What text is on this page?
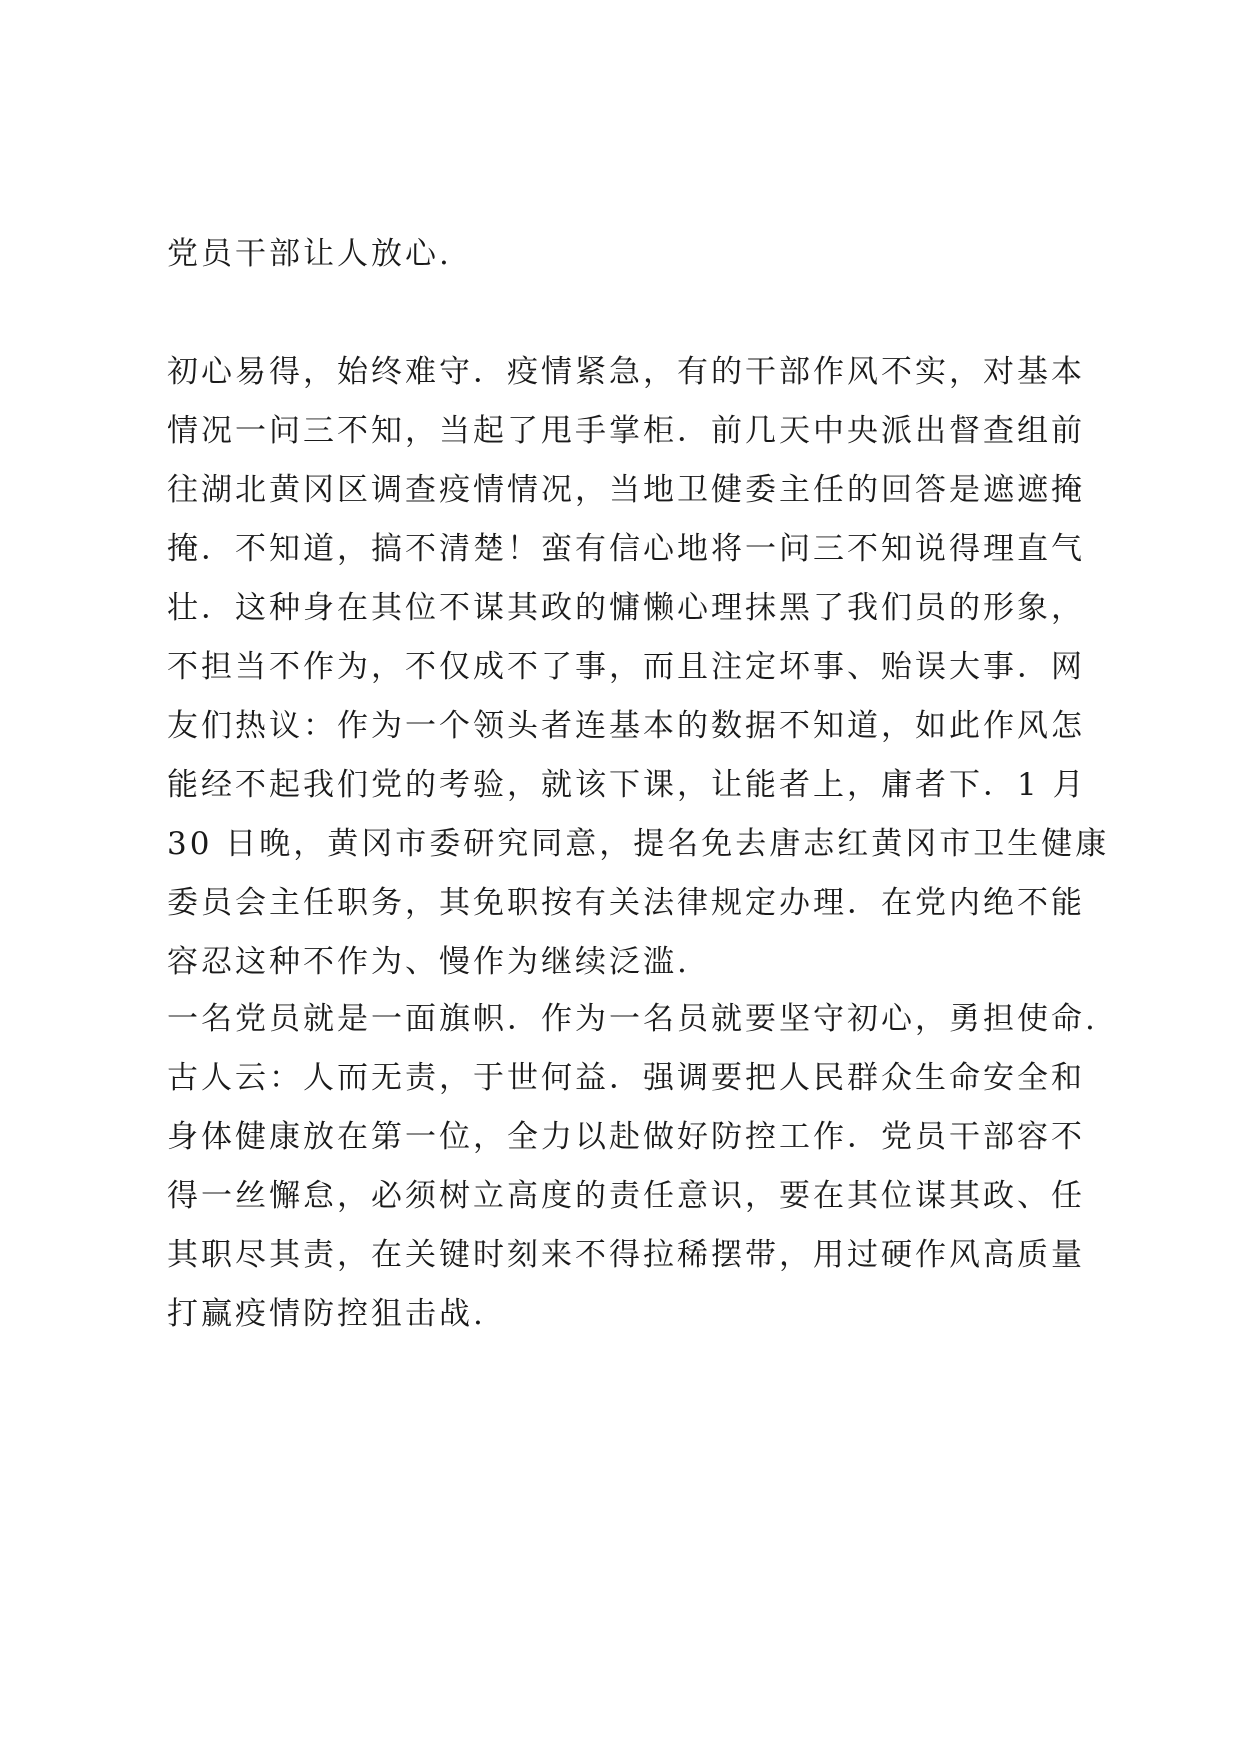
党员干部让人放心.

初心易得，始终难守．疫情紧急，有的干部作风不实，对基本
情况一问三不知，当起了甩手掌柜．前几天中央派出督查组前
往湖北黄冈区调查疫情情况，当地卫健委主任的回答是遮遮掩
掩．不知道，搞不清楚！蛮有信心地将一问三不知说得理直气
壮．这种身在其位不谋其政的慵懒心理抹黑了我们员的形象，
不担当不作为，不仅成不了事，而且注定坏事、贻误大事．网
友们热议：作为一个领头者连基本的数据不知道，如此作风怎
能经不起我们党的考验，就该下课，让能者上，庸者下．1 月
30 日晚，黄冈市委研究同意，提名免去唐志红黄冈市卫生健康
委员会主任职务，其免职按有关法律规定办理．在党内绝不能
容忍这种不作为、慢作为继续泛滥.

一名党员就是一面旗帜．作为一名员就要坚守初心，勇担使命.
古人云：人而无责，于世何益．强调要把人民群众生命安全和
身体健康放在第一位，全力以赴做好防控工作．党员干部容不
得一丝懈怠，必须树立高度的责任意识，要在其位谋其政、任
其职尽其责，在关键时刻来不得拉稀摆带，用过硬作风高质量
打赢疫情防控狙击战.
